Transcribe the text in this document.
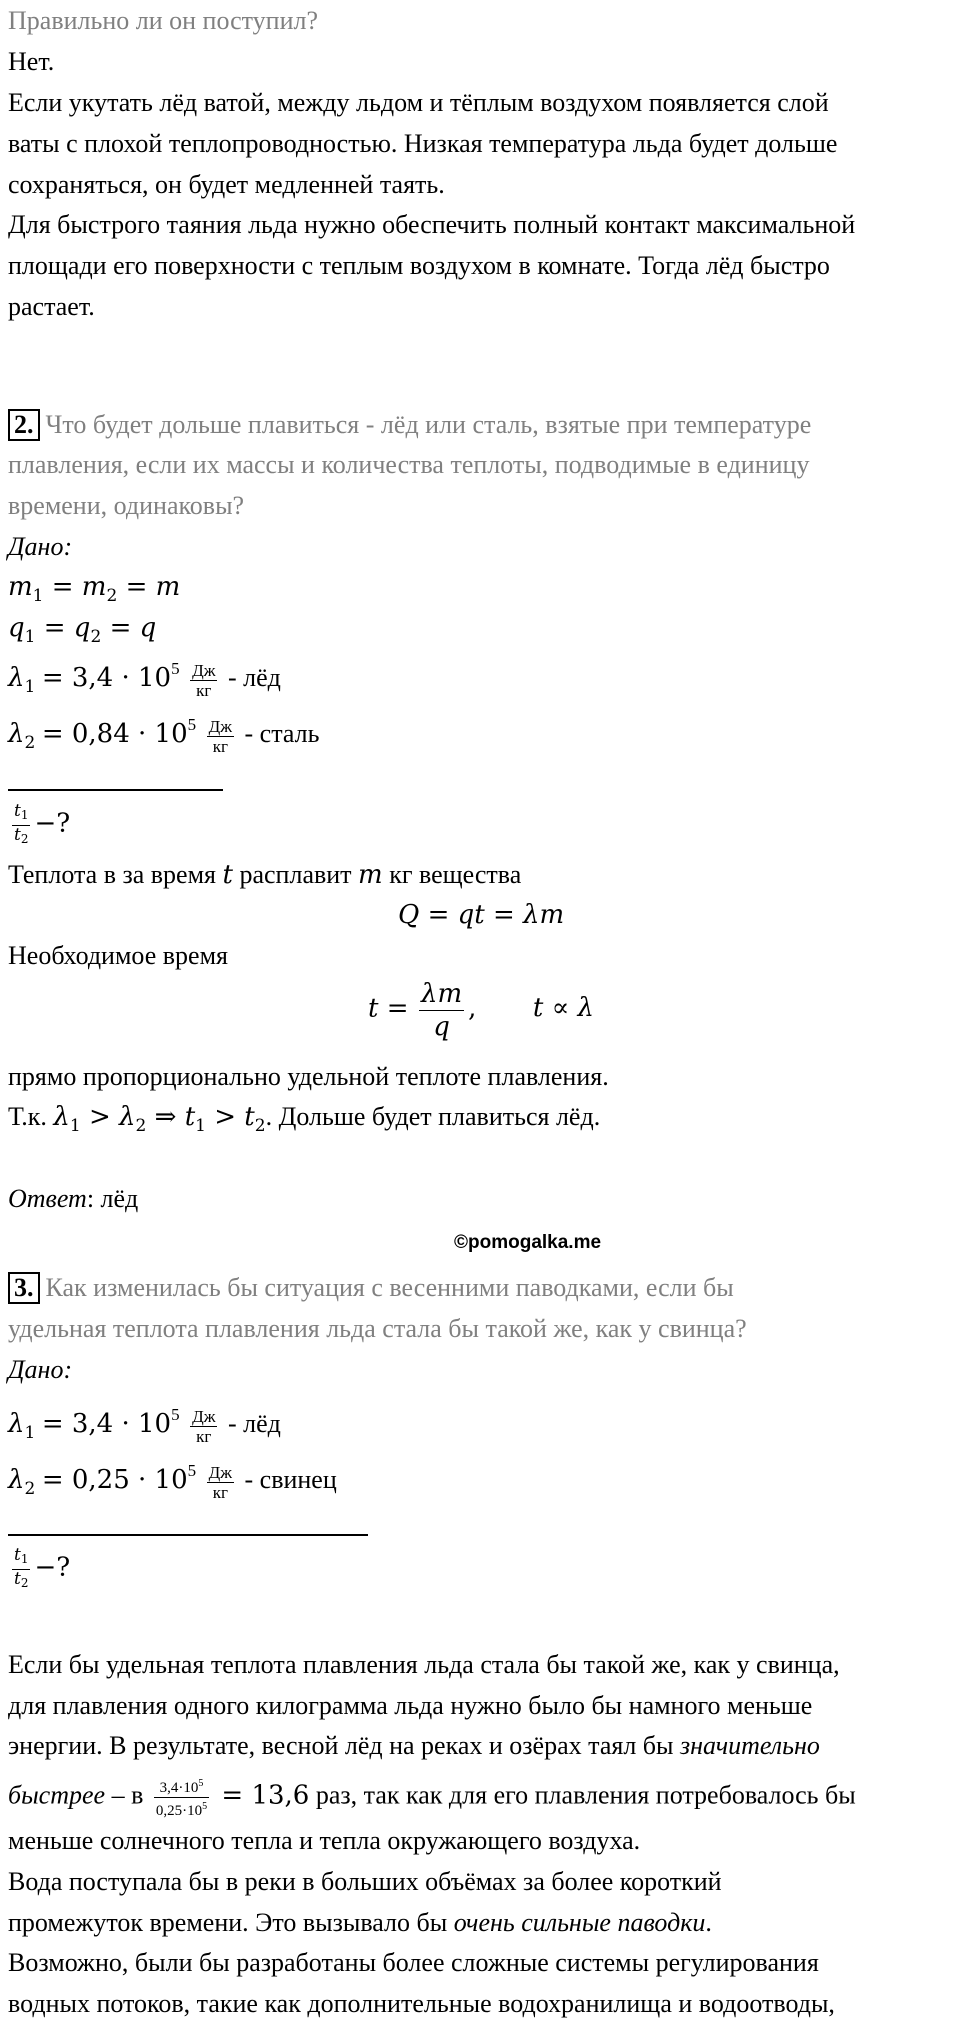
Правильно ли он поступил?
Нет.
Если укутать лёд ватой, между льдом и тёплым воздухом появляется слой
ваты с плохой теплопроводностью. Низкая температура льда будет дольше
сохраняться, он будет медленней таять.
Для быстрого таяния льда нужно обеспечить полный контакт максимальной
площади его поверхности с теплым воздухом в комнате. Тогда лёд быстро
растает.
2. Что будет дольше плавиться - лёд или сталь, взятые при температуре
плавления, если их массы и количества теплоты, подводимые в единицу
времени, одинаковы?
Дано:
$m_1 = m_2 = m$
$q_1 = q_2 = q$
$\lambda_1 = 3,4 \cdot 10^5 \frac{Дж}{кг}$ - лёд
$\lambda_2 = 0,84 \cdot 10^5 \frac{Дж}{кг}$ - сталь
$\frac{t_1}{t_2}$ −?
Теплота в за время t расплавит m кг вещества
Q = qt = λm
Необходимое время
$t = \frac{\lambda m}{q}$ , t ∝ λ
прямо пропорционально удельной теплоте плавления.
Т.к. $\lambda_1 > \lambda_2$ ⇒ $t_1 > t_2$. Дольше будет плавиться лёд.
Ответ: лёд
©pomogalka.me
3. Как изменилась бы ситуация с весенними паводками, если бы
удельная теплота плавления льда стала бы такой же, как у свинца?
Дано:
$\lambda_1 = 3,4 \cdot 10^5 \frac{Дж}{кг}$ - лёд
$\lambda_2 = 0,25 \cdot 10^5 \frac{Дж}{кг}$ - свинец
$\frac{t_1}{t_2}$ −?
Если бы удельная теплота плавления льда стала бы такой же, как у свинца,
для плавления одного килограмма льда нужно было бы намного меньше
энергии. В результате, весной лёд на реках и озёрах таял бы значительно
быстрее – в $\frac{3,4\cdot 10^5}{0,25\cdot 10^5} = 13,6$ раз, так как для его плавления потребовалось бы
меньше солнечного тепла и тепла окружающего воздуха.
Вода поступала бы в реки в больших объёмах за более короткий
промежуток времени. Это вызывало бы очень сильные паводки.
Возможно, были бы разработаны более сложные системы регулирования
водных потоков, такие как дополнительные водохранилища и водоотводы,
